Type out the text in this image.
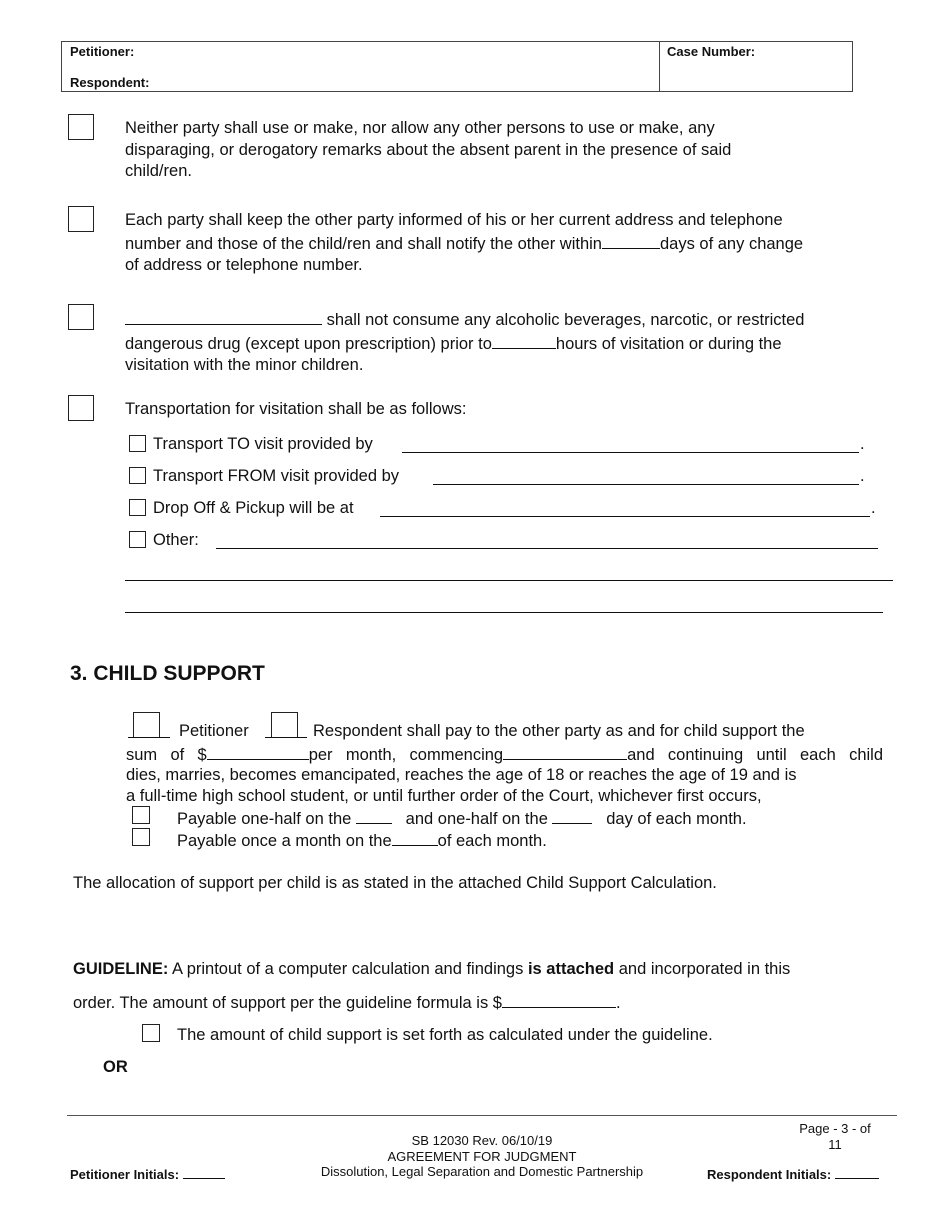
Petitioner:
Respondent:
Case Number:
Neither party shall use or make, nor allow any other persons to use or make, any
disparaging, or derogatory remarks about the absent parent in the presence of said
child/ren.
Each party shall keep the other party informed of his or her current address and telephone
number and those of the child/ren and shall notify the other within	days of any change
of address or telephone number.
shall not consume any alcoholic beverages, narcotic, or restricted
dangerous drug (except upon prescription) prior to	hours of visitation or during the
visitation with the minor children.
Transportation for visitation shall be as follows:
Transport TO visit provided by	.
Transport FROM visit provided by	.
Drop Off & Pickup will be at	.
Other:
3. CHILD SUPPORT
Petitioner	Respondent shall pay to the other party as and for child support the
sum of $	per month, commencing	and continuing until each child
dies, marries, becomes emancipated, reaches the age of 18 or reaches the age of 19 and is
a full-time high school student, or until further order of the Court, whichever first occurs,
Payable one-half on the	and one-half on the	day of each month.
Payable once a month on the	of each month.
The allocation of support per child is as stated in the attached Child Support Calculation.
GUIDELINE: A printout of a computer calculation and findings is attached and incorporated in this
order. The amount of support per the guideline formula is $	.
The amount of child support is set forth as calculated under the guideline.
OR
Page - 3 - of
11
SB 12030 Rev. 06/10/19
AGREEMENT FOR JUDGMENT
Dissolution, Legal Separation and Domestic Partnership
Petitioner Initials:	Respondent Initials:
